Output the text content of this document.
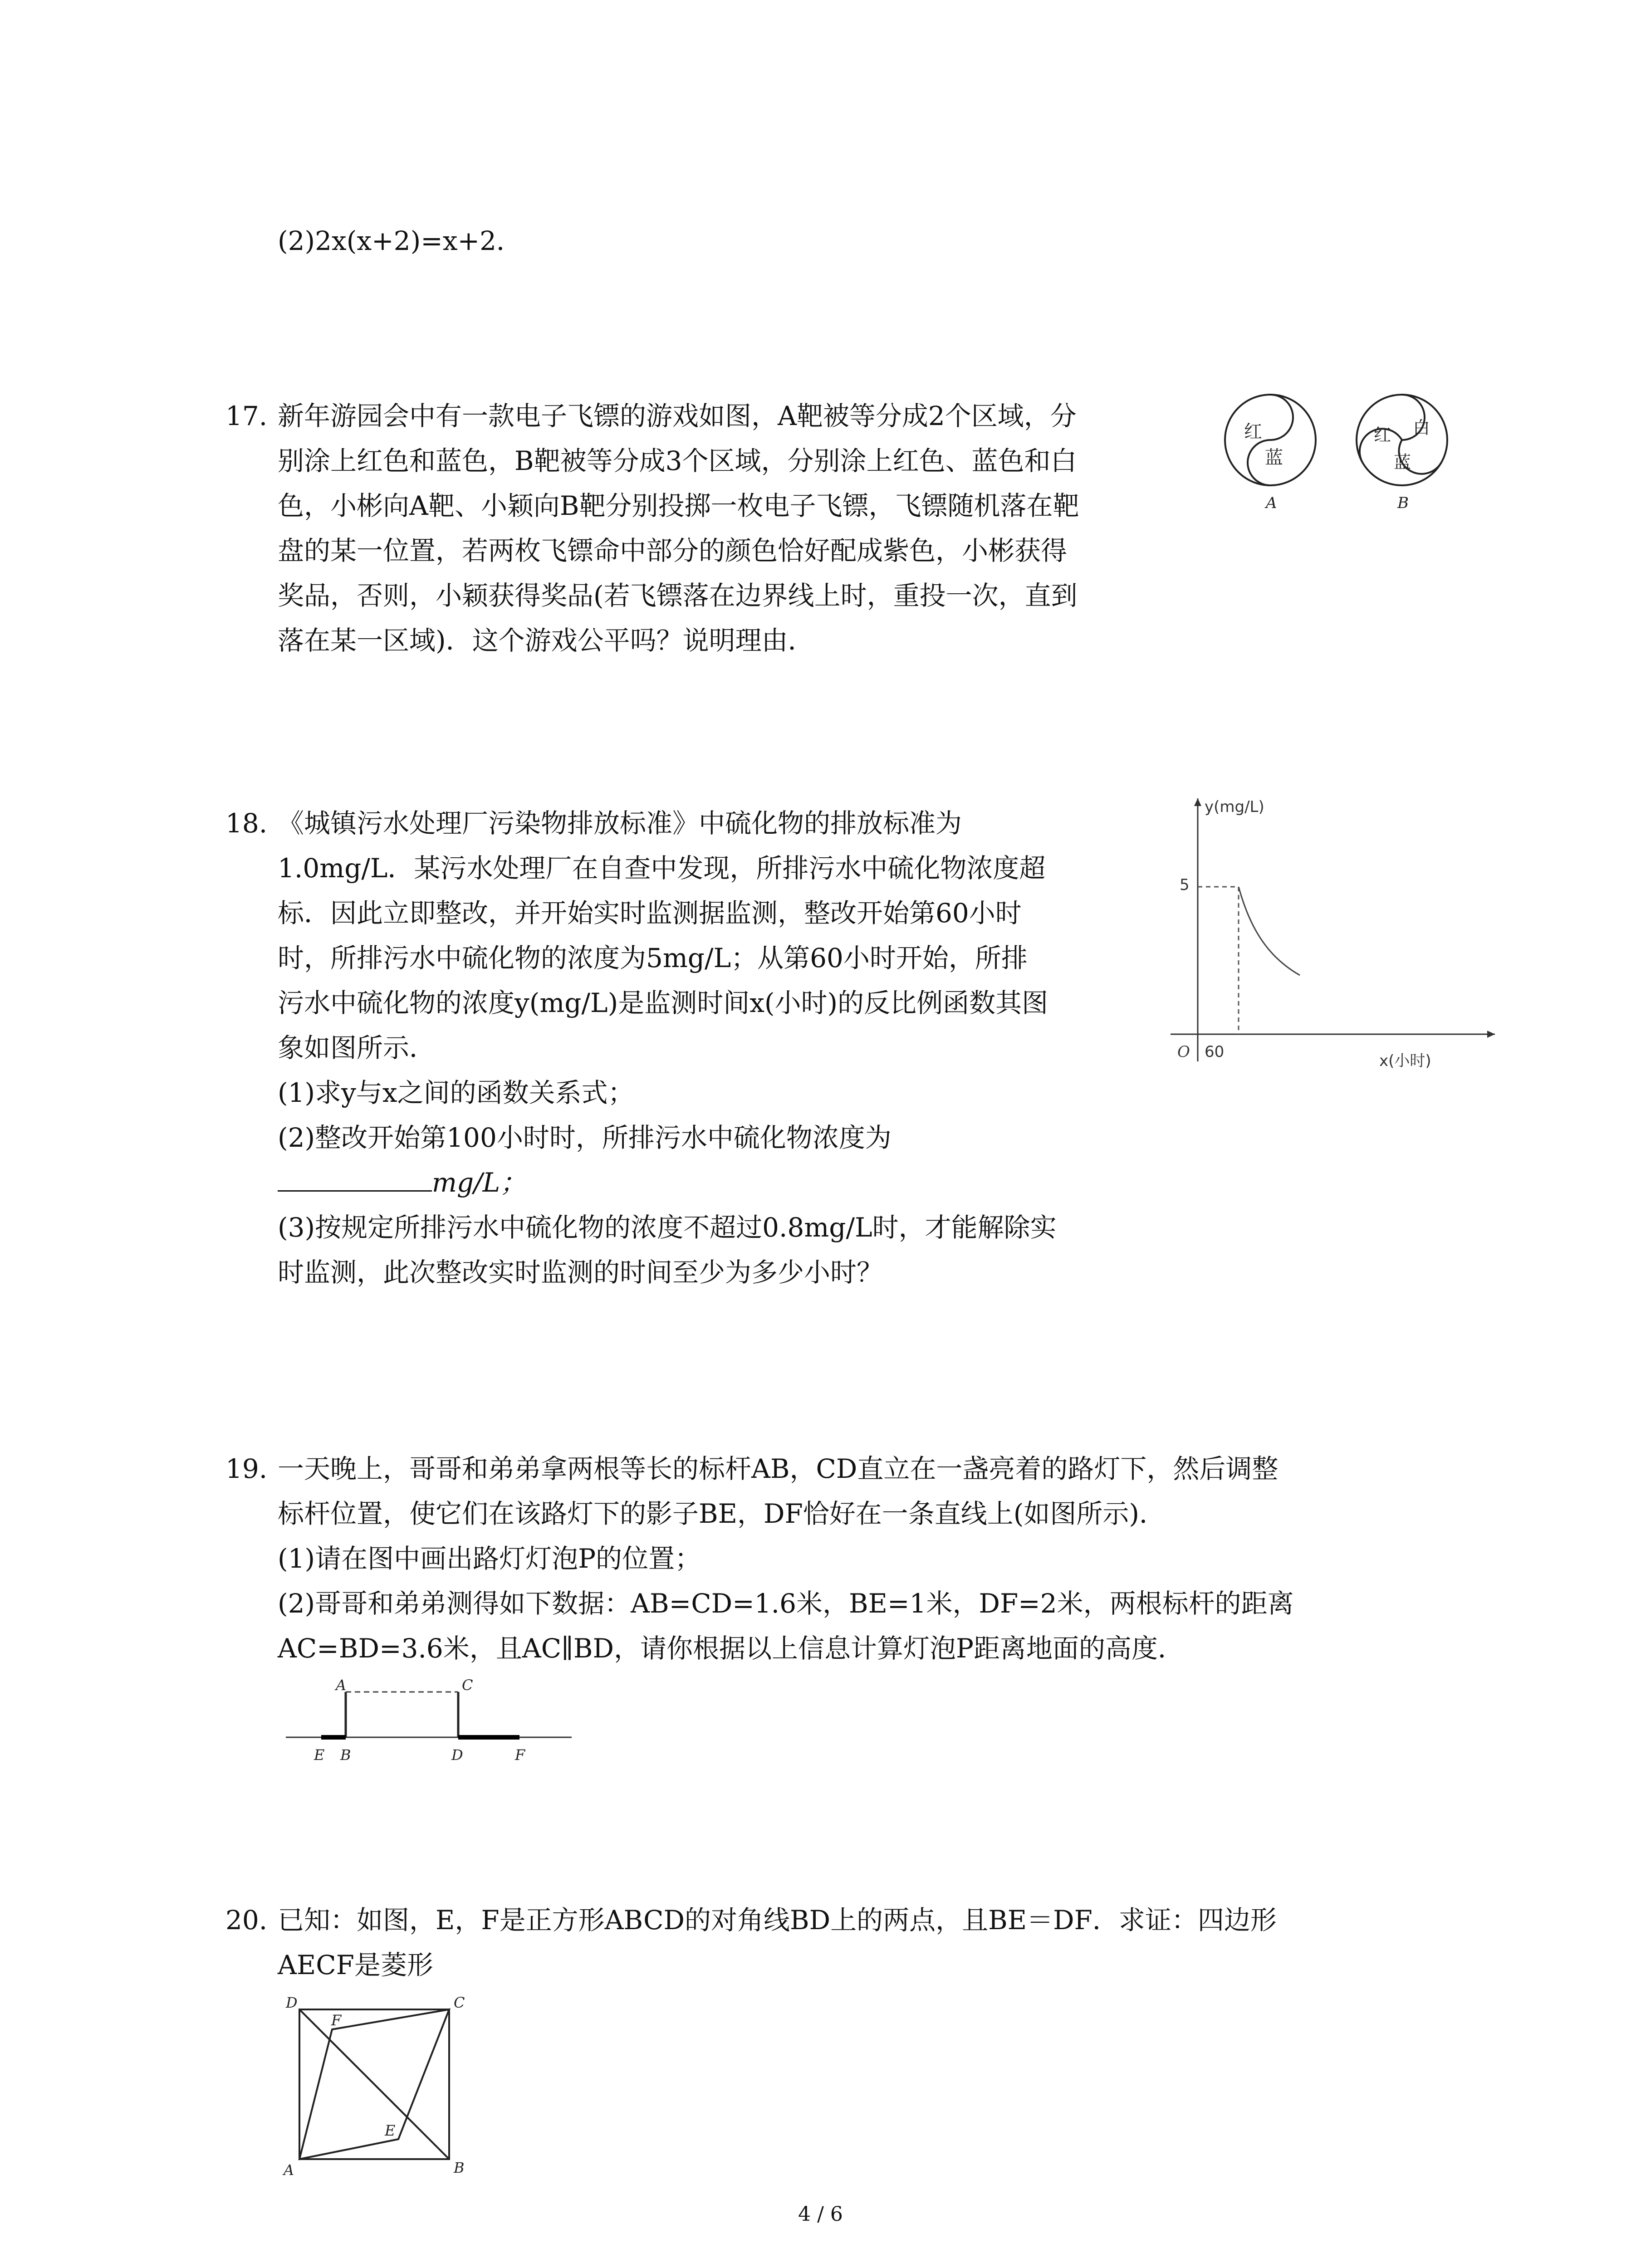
(2)2x(x+2)=x+2．
17. 新年游园会中有一款电子飞镖的游戏如图，A靶被等分成2个区域，分
别涂上红色和蓝色，B靶被等分成3个区域，分别涂上红色、蓝色和白
色，小彬向A靶、小颖向B靶分别投掷一枚电子飞镖，飞镖随机落在靶
盘的某一位置，若两枚飞镖命中部分的颜色恰好配成紫色，小彬获得
奖品，否则，小颖获得奖品(若飞镖落在边界线上时，重投一次，直到
落在某一区域)．这个游戏公平吗？说明理由．
红
蓝
A
红 白
蓝
B
18. 《城镇污水处理厂污染物排放标准》中硫化物的排放标准为
1.0mg/L．某污水处理厂在自查中发现，所排污水中硫化物浓度超
标．因此立即整改，并开始实时监测据监测，整改开始第60小时
时，所排污水中硫化物的浓度为5mg/L；从第60小时开始，所排
污水中硫化物的浓度y(mg/L)是监测时间x(小时)的反比例函数其图
象如图所示．
(1)求y与x之间的函数关系式；
(2)整改开始第100小时时，所排污水中硫化物浓度为
mg/L；
(3)按规定所排污水中硫化物的浓度不超过0.8mg/L时，才能解除实
时监测，此次整改实时监测的时间至少为多少小时？
y(mg/L)
x(小时)
O
5
60
19. 一天晚上，哥哥和弟弟拿两根等长的标杆AB，CD直立在一盏亮着的路灯下，然后调整
标杆位置，使它们在该路灯下的影子BE，DF恰好在一条直线上(如图所示)．
(1)请在图中画出路灯灯泡P的位置；
(2)哥哥和弟弟测得如下数据：AB=CD=1.6米，BE=1米，DF=2米，两根标杆的距离
AC=BD=3.6米，且AC∥BD，请你根据以上信息计算灯泡P距离地面的高度．
A	C
E B	D	F
20. 已知：如图，E，F是正方形ABCD的对角线BD上的两点，且BE＝DF．求证：四边形
AECF是菱形
D	C
A	B
F
E
4 / 6
